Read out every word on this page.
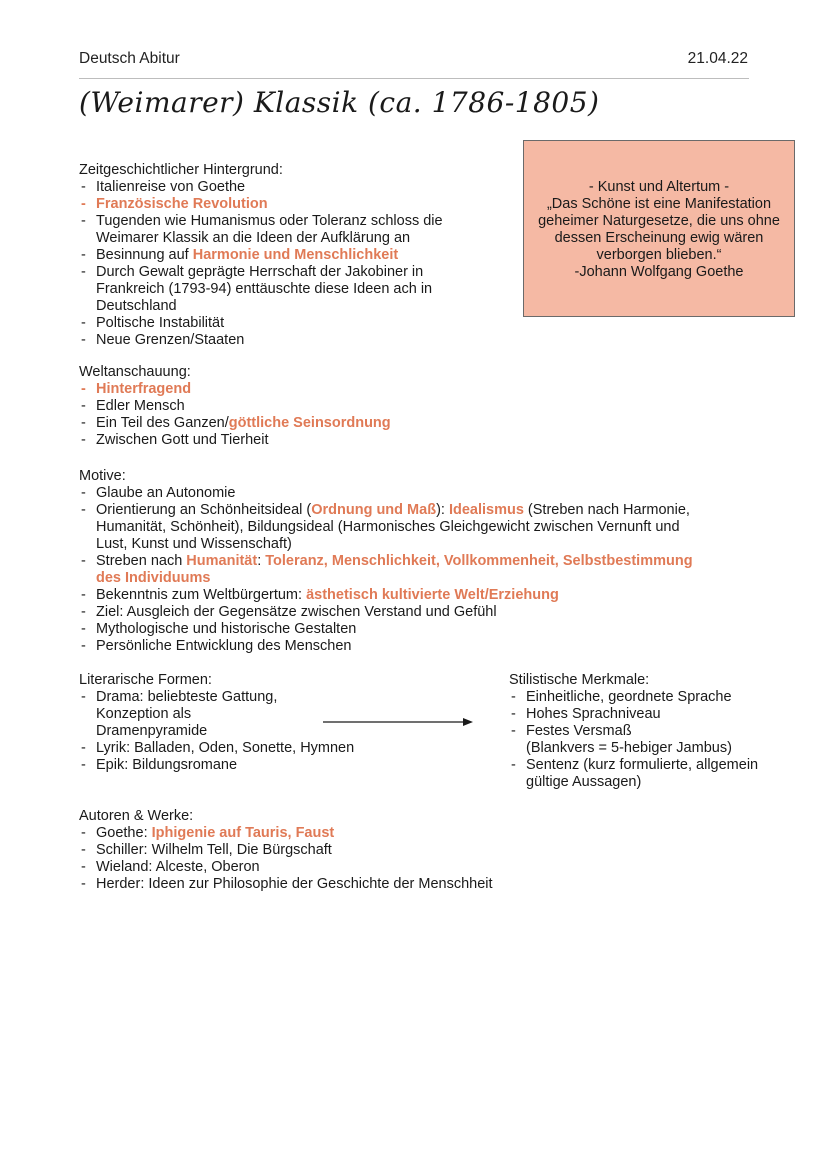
Deutsch Abitur	21.04.22
(Weimarer) Klassik (ca. 1786-1805)
- Kunst und Altertum -
„Das Schöne ist eine Manifestation
geheimer Naturgesetze, die uns ohne
dessen Erscheinung ewig wären
verborgen blieben.“
-Johann Wolfgang Goethe
Zeitgeschichtlicher Hintergrund:
- Italienreise von Goethe
- Französische Revolution
- Tugenden wie Humanismus oder Toleranz schloss die
Weimarer Klassik an die Ideen der Aufklärung an
- Besinnung auf Harmonie und Menschlichkeit
- Durch Gewalt geprägte Herrschaft der Jakobiner in
Frankreich (1793-94) enttäuschte diese Ideen ach in
Deutschland
- Poltische Instabilität
- Neue Grenzen/Staaten
Weltanschauung:
- Hinterfragend
- Edler Mensch
- Ein Teil des Ganzen/göttliche Seinsordnung
- Zwischen Gott und Tierheit
Motive:
- Glaube an Autonomie
- Orientierung an Schönheitsideal (Ordnung und Maß): Idealismus (Streben nach Harmonie,
Humanität, Schönheit), Bildungsideal (Harmonisches Gleichgewicht zwischen Vernunft und
Lust, Kunst und Wissenschaft)
- Streben nach Humanität: Toleranz, Menschlichkeit, Vollkommenheit, Selbstbestimmung
des Individuums
- Bekenntnis zum Weltbürgertum: ästhetisch kultivierte Welt/Erziehung
- Ziel: Ausgleich der Gegensätze zwischen Verstand und Gefühl
- Mythologische und historische Gestalten
- Persönliche Entwicklung des Menschen
Literarische Formen:
- Drama: beliebteste Gattung,
Konzeption als
Dramenpyramide
- Lyrik: Balladen, Oden, Sonette, Hymnen
- Epik: Bildungsromane
Stilistische Merkmale:
- Einheitliche, geordnete Sprache
- Hohes Sprachniveau
- Festes Versmaß
(Blankvers = 5-hebiger Jambus)
- Sentenz (kurz formulierte, allgemein
gültige Aussagen)
Autoren & Werke:
- Goethe: Iphigenie auf Tauris, Faust
- Schiller: Wilhelm Tell, Die Bürgschaft
- Wieland: Alceste, Oberon
- Herder: Ideen zur Philosophie der Geschichte der Menschheit
